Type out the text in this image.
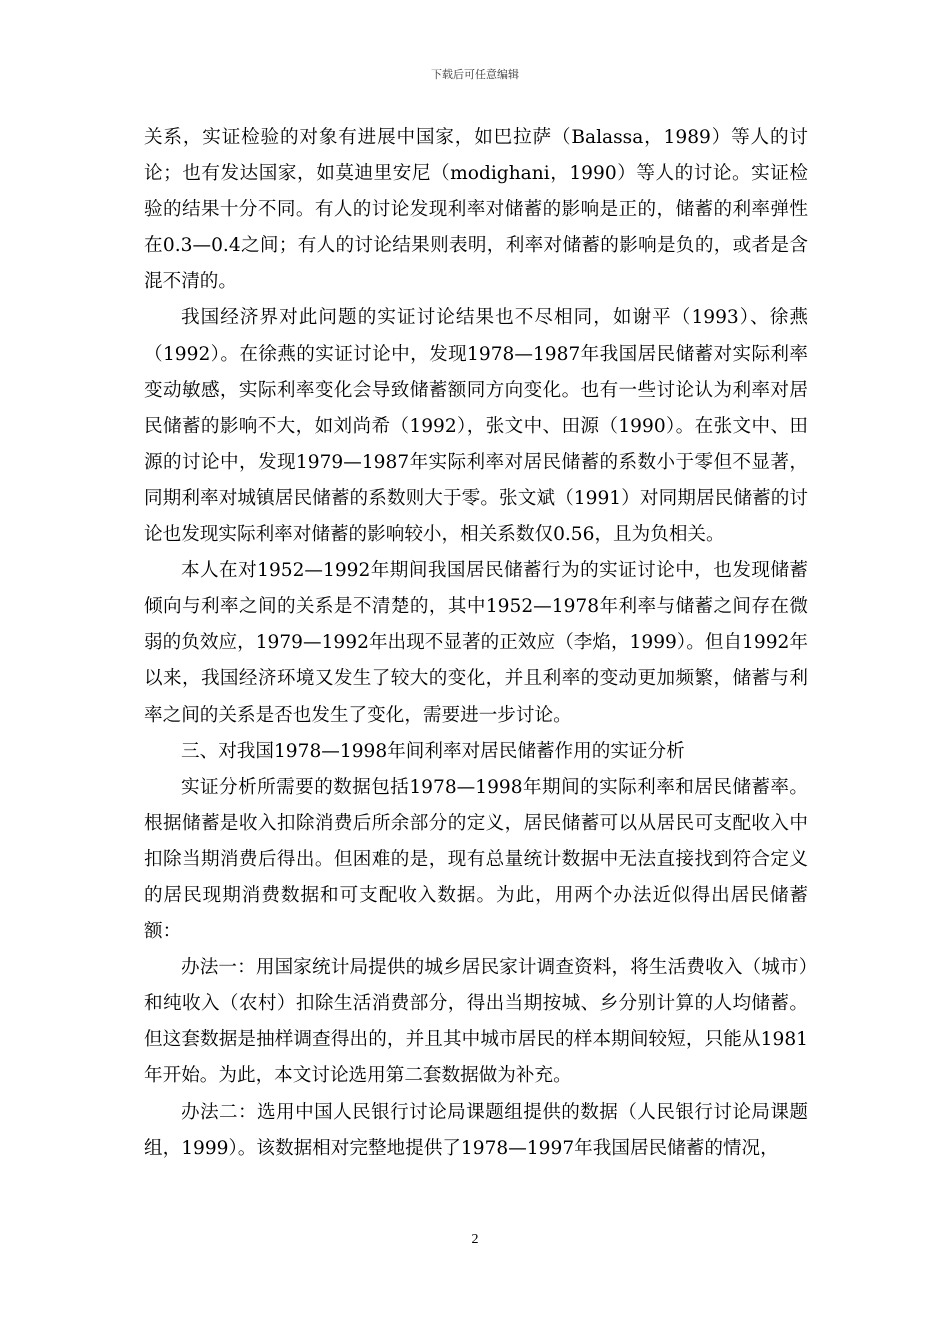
下载后可任意编辑

关系，实证检验的对象有进展中国家，如巴拉萨（Balassa，1989）等人的讨论；也有发达国家，如莫迪里安尼（modighani，1990）等人的讨论。实证检验的结果十分不同。有人的讨论发现利率对储蓄的影响是正的，储蓄的利率弹性在0.3—0.4之间；有人的讨论结果则表明，利率对储蓄的影响是负的，或者是含混不清的。

我国经济界对此问题的实证讨论结果也不尽相同，如谢平（1993）、徐燕（1992）。在徐燕的实证讨论中，发现1978—1987年我国居民储蓄对实际利率变动敏感，实际利率变化会导致储蓄额同方向变化。也有一些讨论认为利率对居民储蓄的影响不大，如刘尚希（1992），张文中、田源（1990）。在张文中、田源的讨论中，发现1979—1987年实际利率对居民储蓄的系数小于零但不显著，同期利率对城镇居民储蓄的系数则大于零。张文斌（1991）对同期居民储蓄的讨论也发现实际利率对储蓄的影响较小，相关系数仅0.56，且为负相关。

本人在对1952—1992年期间我国居民储蓄行为的实证讨论中，也发现储蓄倾向与利率之间的关系是不清楚的，其中1952—1978年利率与储蓄之间存在微弱的负效应，1979—1992年出现不显著的正效应（李焰，1999）。但自1992年以来，我国经济环境又发生了较大的变化，并且利率的变动更加频繁，储蓄与利率之间的关系是否也发生了变化，需要进一步讨论。

三、对我国1978—1998年间利率对居民储蓄作用的实证分析

实证分析所需要的数据包括1978—1998年期间的实际利率和居民储蓄率。根据储蓄是收入扣除消费后所余部分的定义，居民储蓄可以从居民可支配收入中扣除当期消费后得出。但困难的是，现有总量统计数据中无法直接找到符合定义的居民现期消费数据和可支配收入数据。为此，用两个办法近似得出居民储蓄额：

办法一：用国家统计局提供的城乡居民家计调查资料，将生活费收入（城市）和纯收入（农村）扣除生活消费部分，得出当期按城、乡分别计算的人均储蓄。但这套数据是抽样调查得出的，并且其中城市居民的样本期间较短，只能从1981年开始。为此，本文讨论选用第二套数据做为补充。

办法二：选用中国人民银行讨论局课题组提供的数据（人民银行讨论局课题组，1999）。该数据相对完整地提供了1978—1997年我国居民储蓄的情况，

2
